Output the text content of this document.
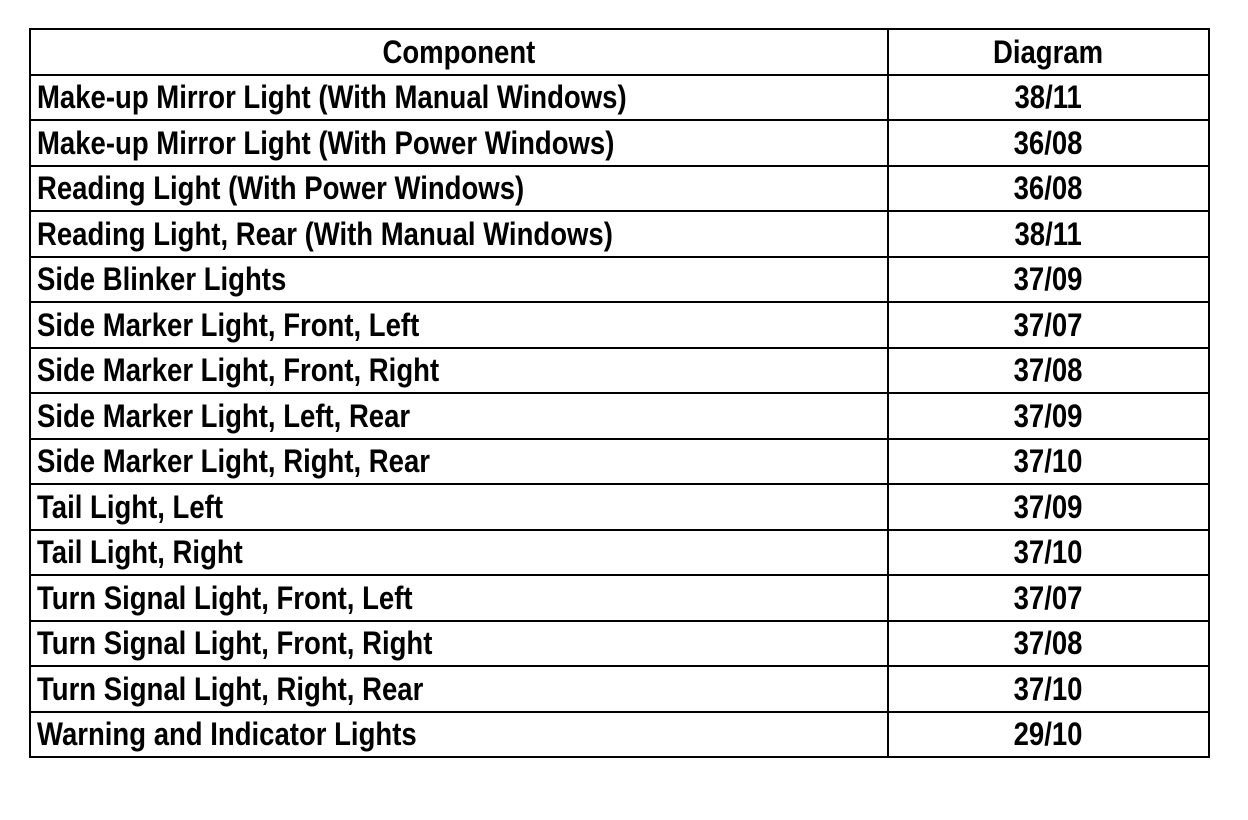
Component	Diagram
Make-up Mirror Light (With Manual Windows)	38/11
Make-up Mirror Light (With Power Windows)	36/08
Reading Light (With Power Windows)	36/08
Reading Light, Rear (With Manual Windows)	38/11
Side Blinker Lights	37/09
Side Marker Light, Front, Left	37/07
Side Marker Light, Front, Right	37/08
Side Marker Light, Left, Rear	37/09
Side Marker Light, Right, Rear	37/10
Tail Light, Left	37/09
Tail Light, Right	37/10
Turn Signal Light, Front, Left	37/07
Turn Signal Light, Front, Right	37/08
Turn Signal Light, Right, Rear	37/10
Warning and Indicator Lights	29/10
